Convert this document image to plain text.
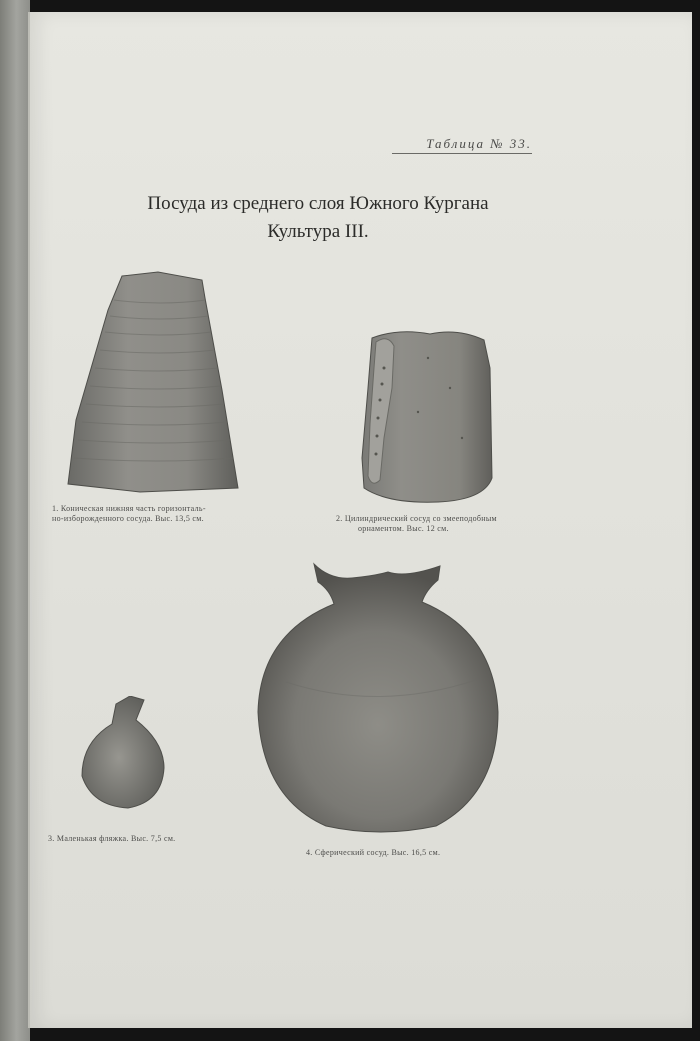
Таблица № 33.
Посуда из среднего слоя Южного Кургана
Культура III.
1. Коническая нижняя часть горизонталь-
но-изборожденного сосуда. Выс. 13,5 см.	2. Цилиндрический сосуд со змееподобным
орнаментом. Выс. 12 см.
3. Маленькая фляжка. Выс. 7,5 см.
4. Сферический сосуд. Выс. 16,5 см.
